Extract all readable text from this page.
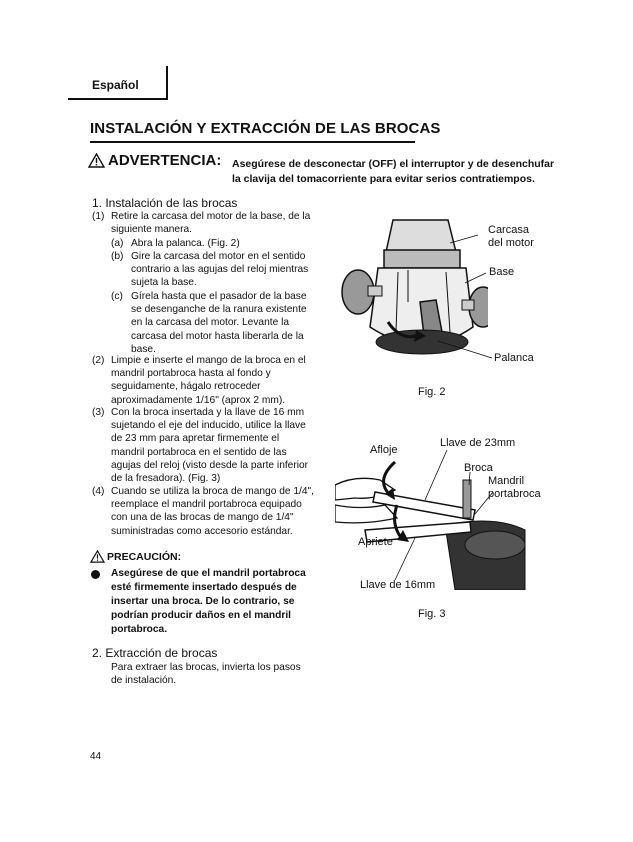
Español
INSTALACIÓN Y EXTRACCIÓN DE LAS BROCAS
ADVERTENCIA: Asegúrese de desconectar (OFF) el interruptor y de desenchufar
la clavija del tomacorriente para evitar serios contratiempos.
1. Instalación de las brocas
(1) Retire la carcasa del motor de la base, de la
siguiente manera.
(a) Abra la palanca. (Fig. 2)
(b) Gire la carcasa del motor en el sentido
contrario a las agujas del reloj mientras
sujeta la base.
(c) Gírela hasta que el pasador de la base
se desenganche de la ranura existente
en la carcasa del motor. Levante la
carcasa del motor hasta liberarla de la
base.
(2) Limpie e inserte el mango de la broca en el
mandril portabroca hasta al fondo y
seguidamente, hágalo retroceder
aproximadamente 1/16" (aprox 2 mm).
(3) Con la broca insertada y la llave de 16 mm
sujetando el eje del inducido, utilice la llave
de 23 mm para apretar firmemente el
mandril portabroca en el sentido de las
agujas del reloj (visto desde la parte inferior
de la fresadora). (Fig. 3)
(4) Cuando se utiliza la broca de mango de 1/4",
reemplace el mandril portabroca equipado
con una de las brocas de mango de 1/4"
suministradas como accesorio estándar.
PRECAUCIÓN:
Asegúrese de que el mandril portabroca
esté firmemente insertado después de
insertar una broca. De lo contrario, se
podrían producir daños en el mandril
portabroca.
2. Extracción de brocas
Para extraer las brocas, invierta los pasos
de instalación.
Carcasa
del motor
Base
Palanca
Fig. 2
Afloje
Llave de 23mm
Broca
Mandril
portabroca
Apriete
Llave de 16mm
Fig. 3
44
